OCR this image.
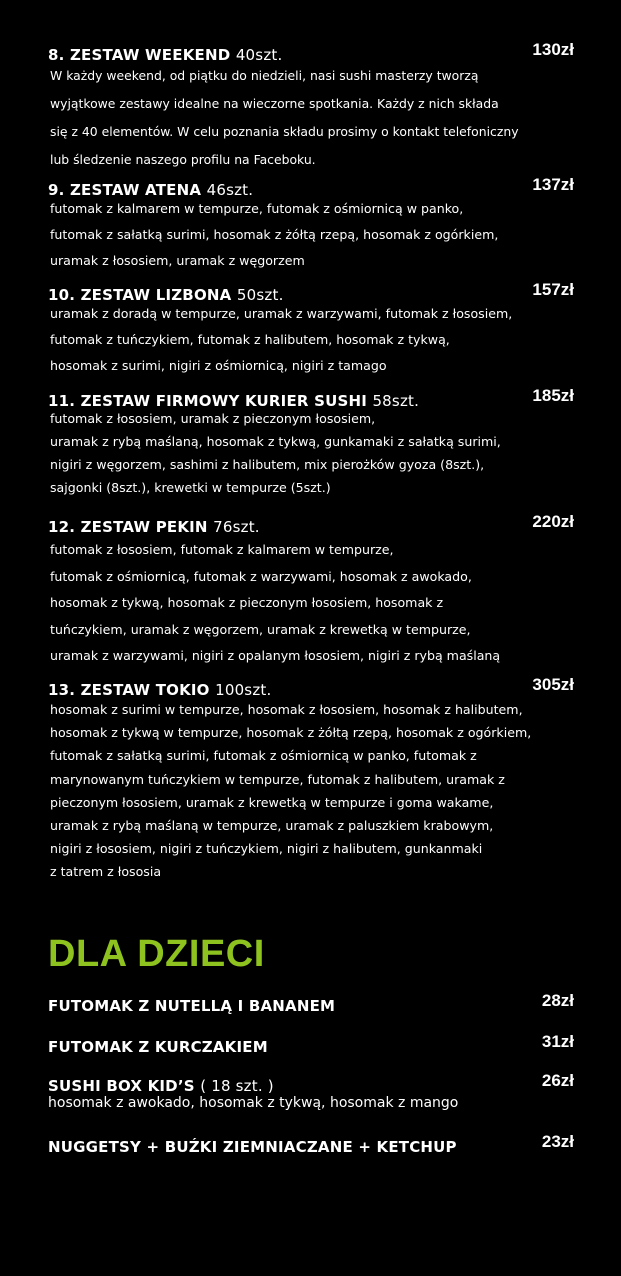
8. ZESTAW WEEKEND 40szt.	130zł
W każdy weekend, od piątku do niedzieli, nasi sushi masterzy tworzą
wyjątkowe zestawy idealne na wieczorne spotkania. Każdy z nich składa
się z 40 elementów. W celu poznania składu prosimy o kontakt telefoniczny
lub śledzenie naszego profilu na Faceboku.
9. ZESTAW ATENA 46szt.	137zł
futomak z kalmarem w tempurze, futomak z ośmiornicą w panko,
futomak z sałatką surimi, hosomak z żółtą rzepą, hosomak z ogórkiem,
uramak z łososiem, uramak z węgorzem
10. ZESTAW LIZBONA 50szt.	157zł
uramak z doradą w tempurze, uramak z warzywami, futomak z łososiem,
futomak z tuńczykiem, futomak z halibutem, hosomak z tykwą,
hosomak z surimi, nigiri z ośmiornicą, nigiri z tamago
11. ZESTAW FIRMOWY KURIER SUSHI 58szt.	185zł
futomak z łososiem, uramak z pieczonym łososiem,
uramak z rybą maślaną, hosomak z tykwą, gunkamaki z sałatką surimi,
nigiri z węgorzem, sashimi z halibutem, mix pierożków gyoza (8szt.),
sajgonki (8szt.), krewetki w tempurze (5szt.)
12. ZESTAW PEKIN 76szt.	220zł
futomak z łososiem, futomak z kalmarem w tempurze,
futomak z ośmiornicą, futomak z warzywami, hosomak z awokado,
hosomak z tykwą, hosomak z pieczonym łososiem, hosomak z
tuńczykiem, uramak z węgorzem, uramak z krewetką w tempurze,
uramak z warzywami, nigiri z opalanym łososiem, nigiri z rybą maślaną
13. ZESTAW TOKIO 100szt.	305zł
hosomak z surimi w tempurze, hosomak z łososiem, hosomak z halibutem,
hosomak z tykwą w tempurze, hosomak z żółtą rzepą, hosomak z ogórkiem,
futomak z sałatką surimi, futomak z ośmiornicą w panko, futomak z
marynowanym tuńczykiem w tempurze, futomak z halibutem, uramak z
pieczonym łososiem, uramak z krewetką w tempurze i goma wakame,
uramak z rybą maślaną w tempurze, uramak z paluszkiem krabowym,
nigiri z łososiem, nigiri z tuńczykiem, nigiri z halibutem, gunkanmaki
z tatrem z łososia
DLA DZIECI
FUTOMAK Z NUTELLĄ I BANANEM	28zł
FUTOMAK Z KURCZAKIEM	31zł
SUSHI BOX KID’S ( 18 szt. )	26zł
hosomak z awokado, hosomak z tykwą, hosomak z mango
NUGGETSY + BUŹKI ZIEMNIACZANE + KETCHUP	23zł
